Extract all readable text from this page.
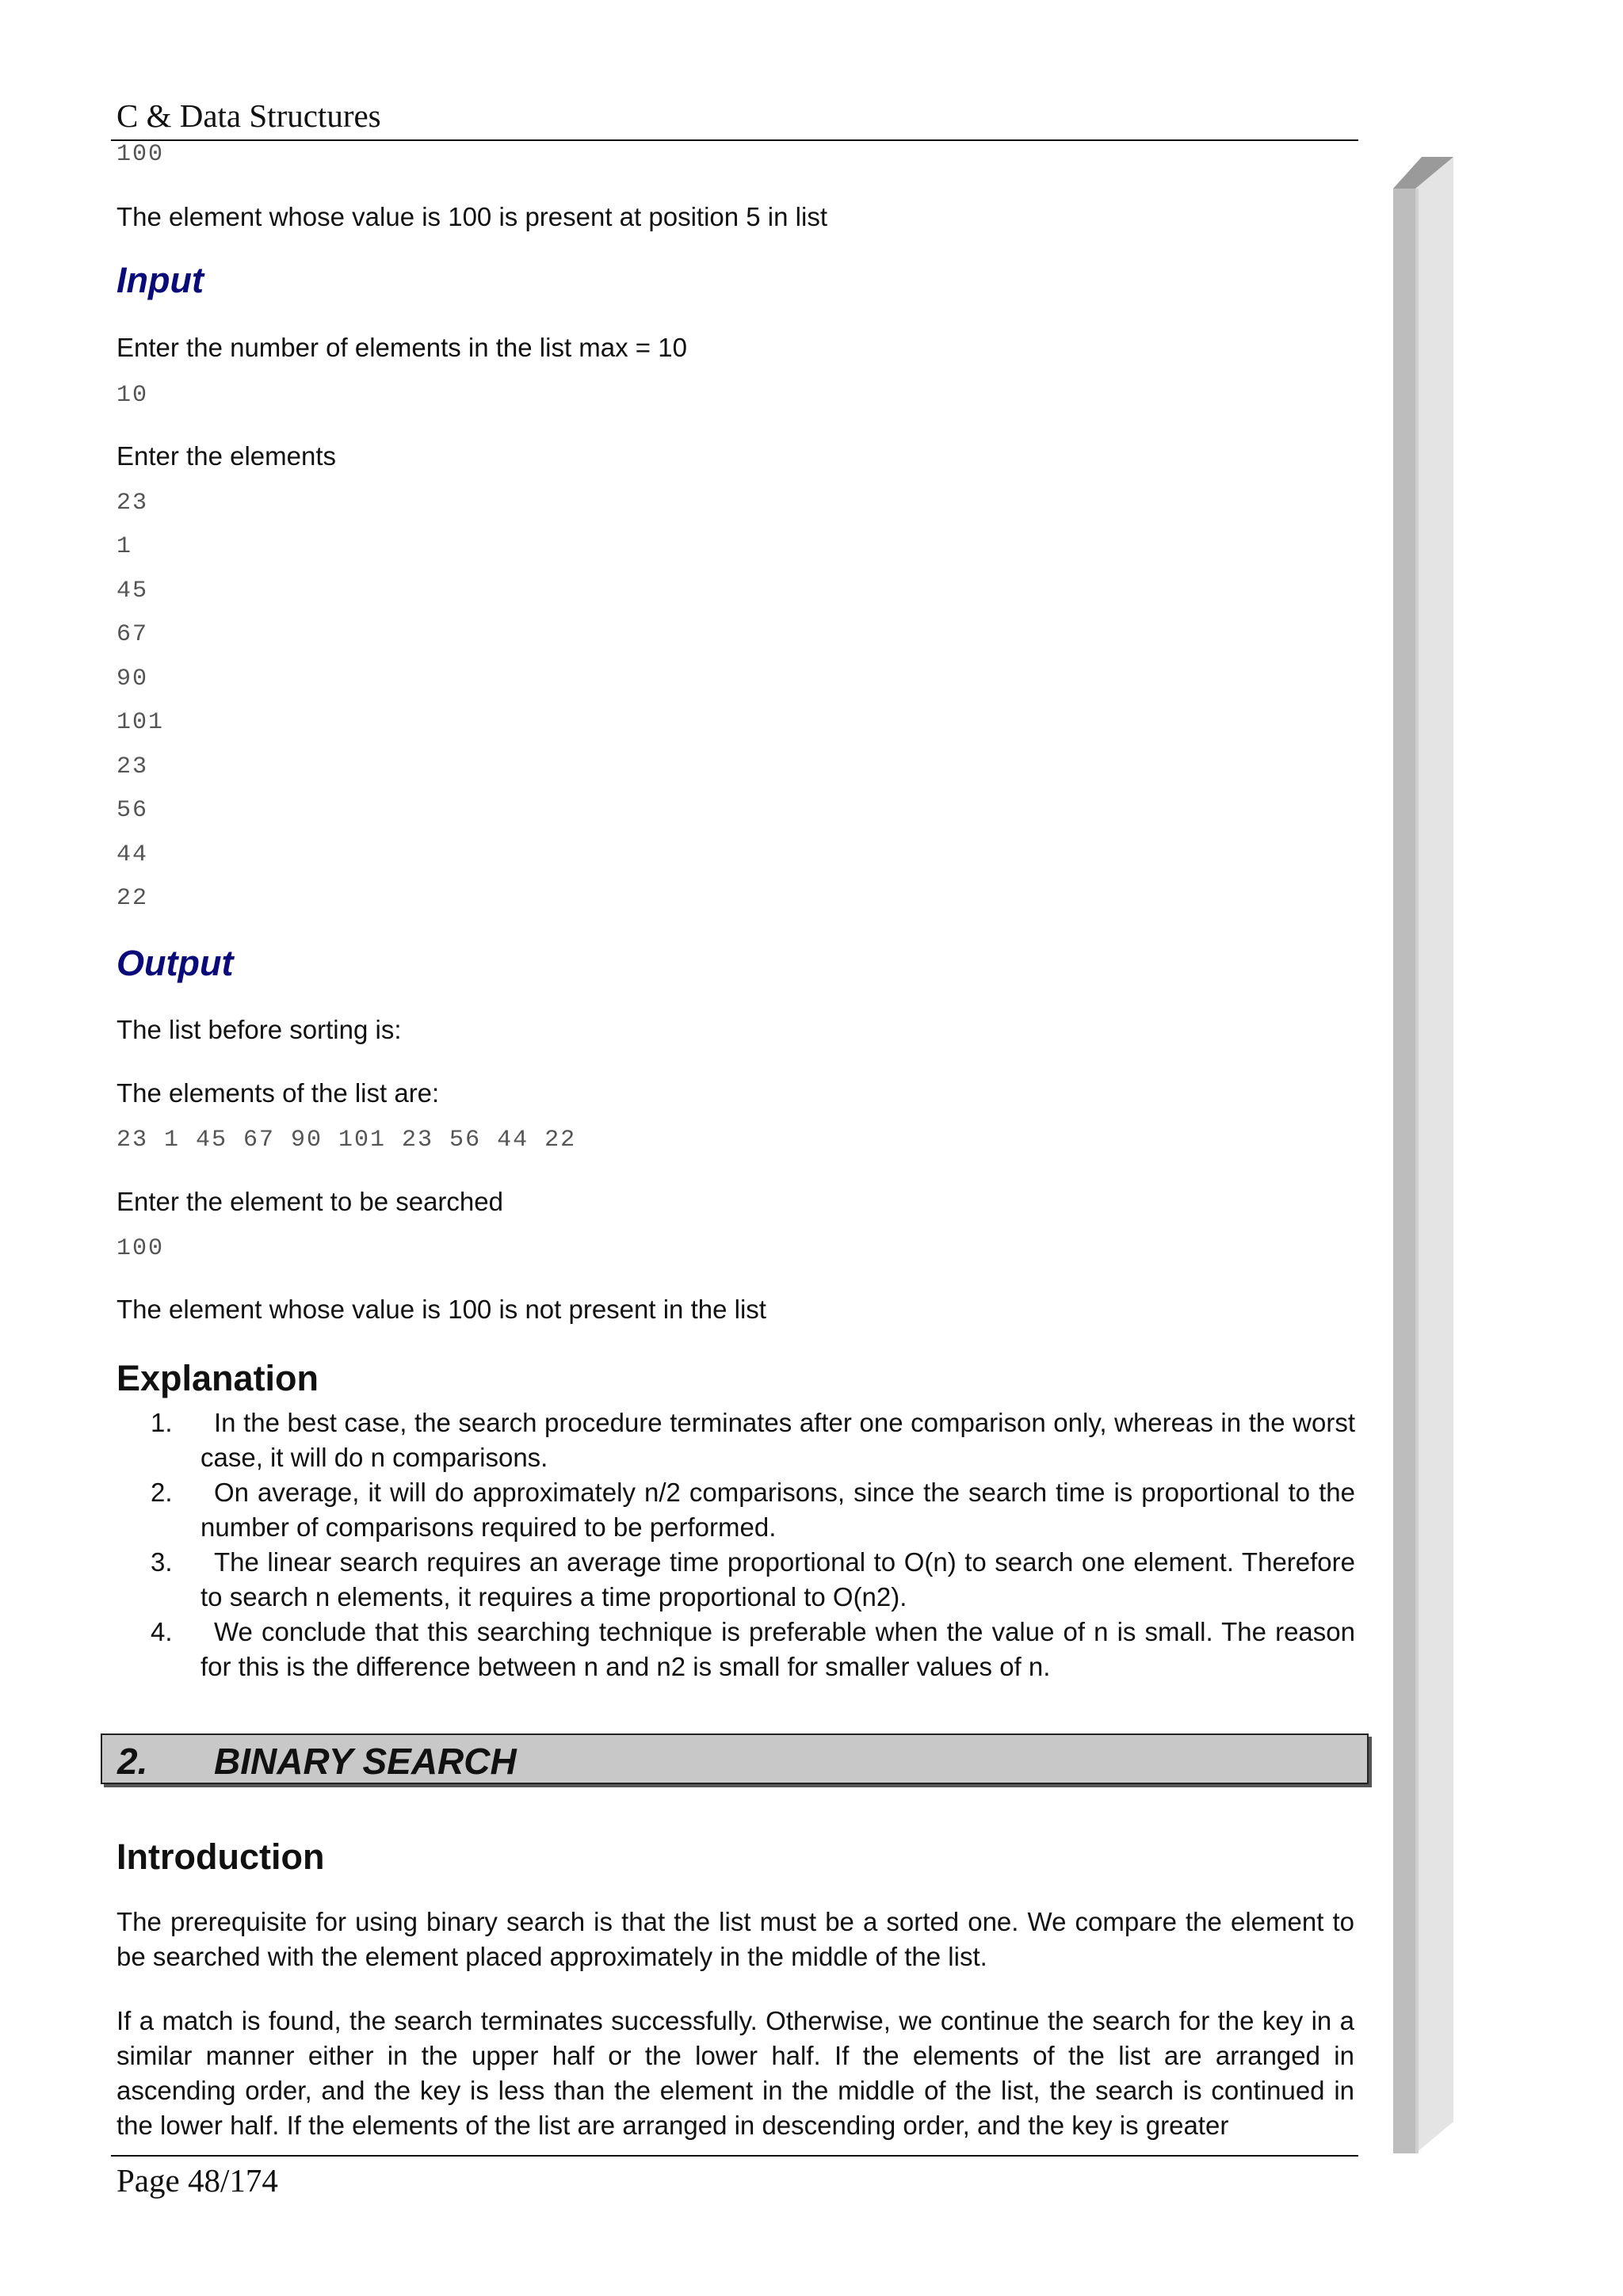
C & Data Structures
100
The element whose value is 100 is present at position 5 in list
Input
Enter the number of elements in the list max = 10
10
Enter the elements
23
1
45
67
90
101
23
56
44
22
Output
The list before sorting is:
The elements of the list are:
23 1 45 67 90 101 23 56 44 22
Enter the element to be searched
100
The element whose value is 100 is not present in the list
Explanation
1. In the best case, the search procedure terminates after one comparison only, whereas in the worst case, it will do n comparisons.
2. On average, it will do approximately n/2 comparisons, since the search time is proportional to the number of comparisons required to be performed.
3. The linear search requires an average time proportional to O(n) to search one element. Therefore to search n elements, it requires a time proportional to O(n2).
4. We conclude that this searching technique is preferable when the value of n is small. The reason for this is the difference between n and n2 is small for smaller values of n.
2. BINARY SEARCH
Introduction
The prerequisite for using binary search is that the list must be a sorted one. We compare the element to be searched with the element placed approximately in the middle of the list.
If a match is found, the search terminates successfully. Otherwise, we continue the search for the key in a similar manner either in the upper half or the lower half. If the elements of the list are arranged in ascending order, and the key is less than the element in the middle of the list, the search is continued in the lower half. If the elements of the list are arranged in descending order, and the key is greater
Page 48/174
